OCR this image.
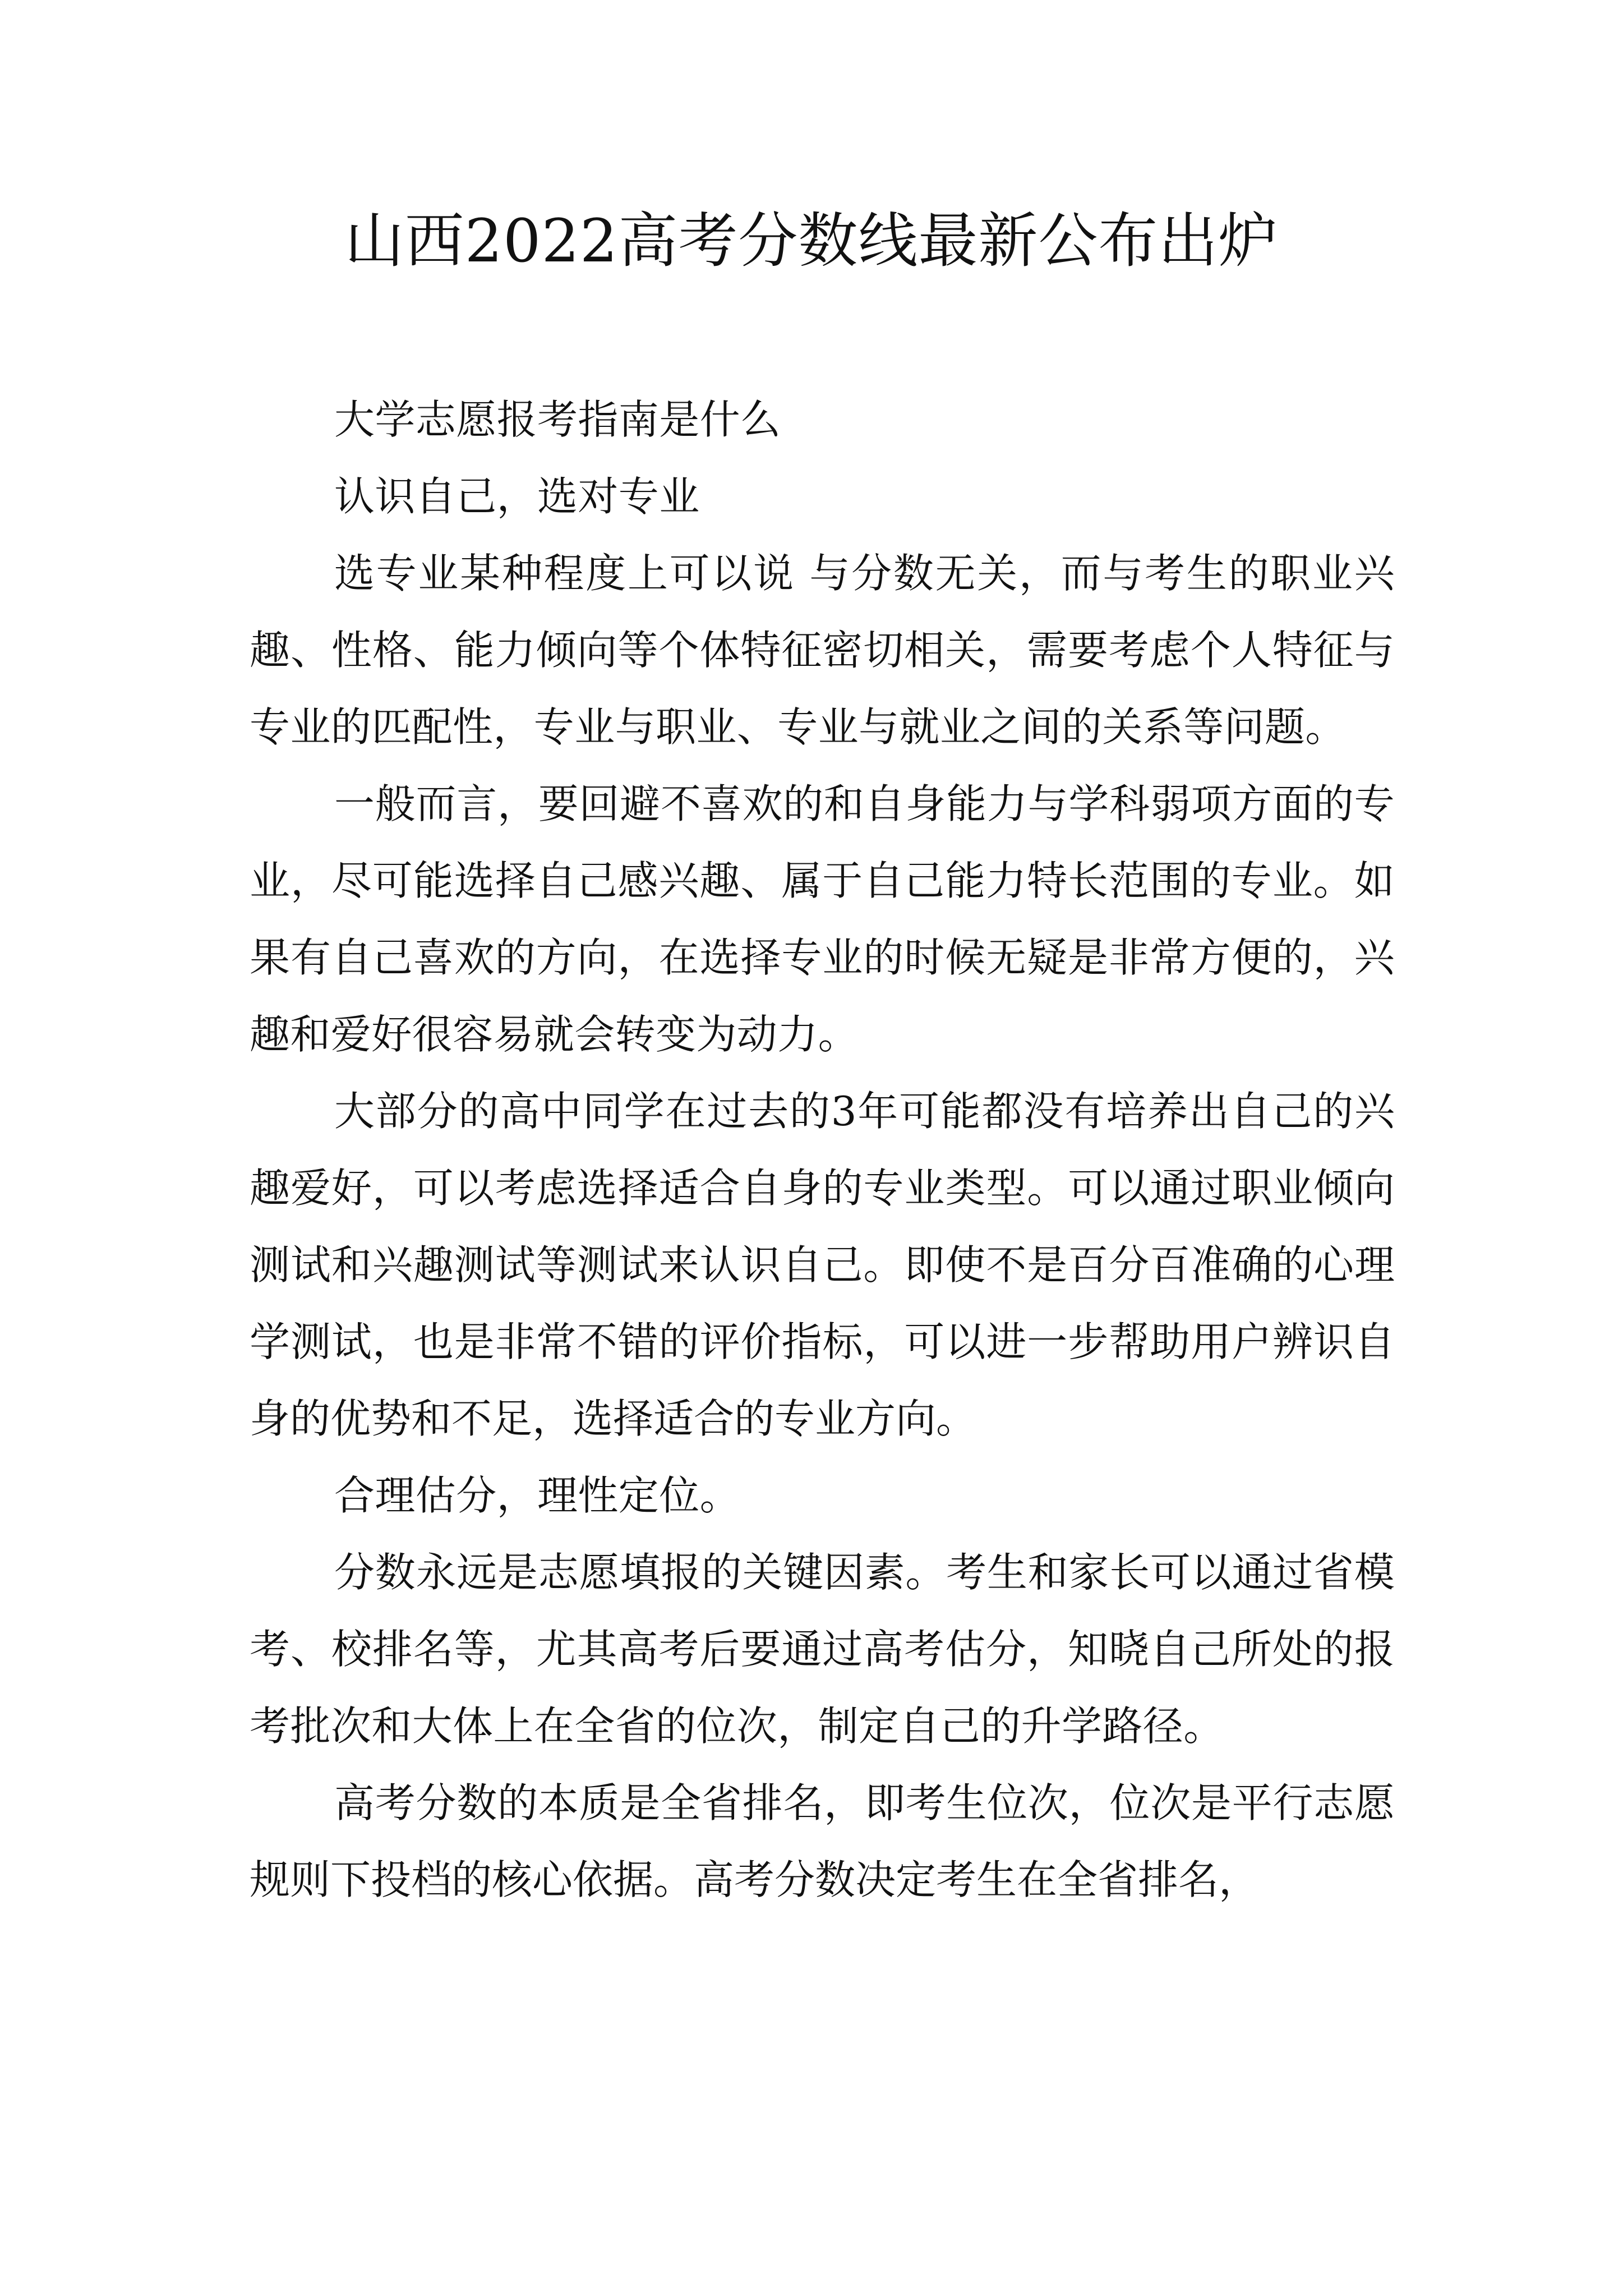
山西2022高考分数线最新公布出炉

大学志愿报考指南是什么

认识自己，选对专业

选专业某种程度上可以说 与分数无关，而与考生的职业兴趣、性格、能力倾向等个体特征密切相关，需要考虑个人特征与专业的匹配性，专业与职业、专业与就业之间的关系等问题。

一般而言，要回避不喜欢的和自身能力与学科弱项方面的专业，尽可能选择自己感兴趣、属于自己能力特长范围的专业。如果有自己喜欢的方向，在选择专业的时候无疑是非常方便的，兴趣和爱好很容易就会转变为动力。

大部分的高中同学在过去的3年可能都没有培养出自己的兴趣爱好，可以考虑选择适合自身的专业类型。可以通过职业倾向测试和兴趣测试等测试来认识自己。即使不是百分百准确的心理学测试，也是非常不错的评价指标，可以进一步帮助用户辨识自身的优势和不足，选择适合的专业方向。

合理估分，理性定位。

分数永远是志愿填报的关键因素。考生和家长可以通过省模考、校排名等，尤其高考后要通过高考估分，知晓自己所处的报考批次和大体上在全省的位次，制定自己的升学路径。

高考分数的本质是全省排名，即考生位次，位次是平行志愿规则下投档的核心依据。高考分数决定考生在全省排名，
